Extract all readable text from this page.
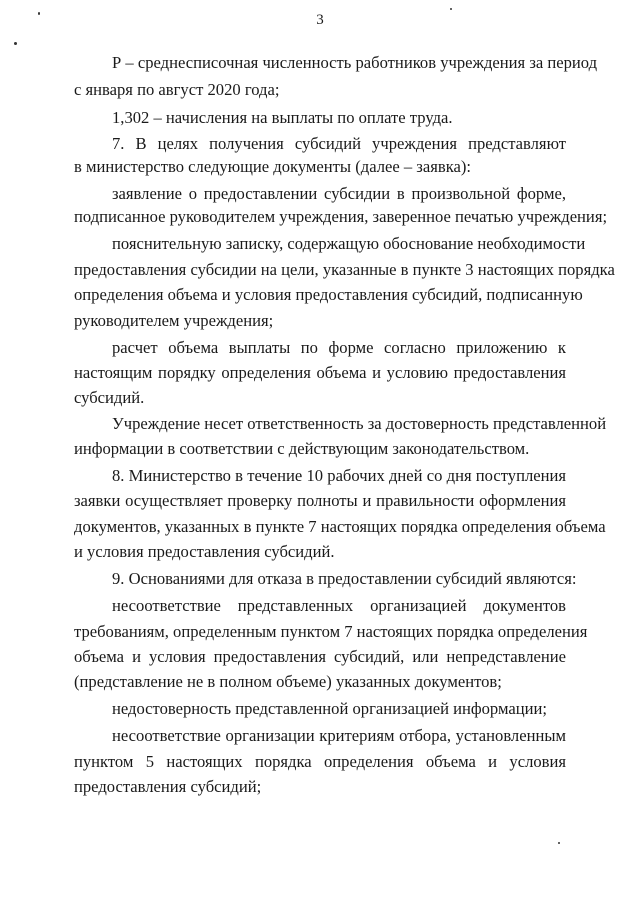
3
Р – среднесписочная численность работников учреждения за период
с января по август 2020 года;
1,302 – начисления на выплаты по оплате труда.
7. В целях получения субсидий учреждения представляют
в министерство следующие документы (далее – заявка):
заявление о предоставлении субсидии в произвольной форме,
подписанное руководителем учреждения, заверенное печатью учреждения;
пояснительную записку, содержащую обоснование необходимости
предоставления субсидии на цели, указанные в пункте 3 настоящих порядка
определения объема и условия предоставления субсидий, подписанную
руководителем учреждения;
расчет объема выплаты по форме согласно приложению к
настоящим порядку определения объема и условию предоставления
субсидий.
Учреждение несет ответственность за достоверность представленной
информации в соответствии с действующим законодательством.
8. Министерство в течение 10 рабочих дней со дня поступления
заявки осуществляет проверку полноты и правильности оформления
документов, указанных в пункте 7 настоящих порядка определения объема
и условия предоставления субсидий.
9. Основаниями для отказа в предоставлении субсидий являются:
несоответствие представленных организацией документов
требованиям, определенным пунктом 7 настоящих порядка определения
объема и условия предоставления субсидий, или непредставление
(представление не в полном объеме) указанных документов;
недостоверность представленной организацией информации;
несоответствие организации критериям отбора, установленным
пунктом 5 настоящих порядка определения объема и условия
предоставления субсидий;
